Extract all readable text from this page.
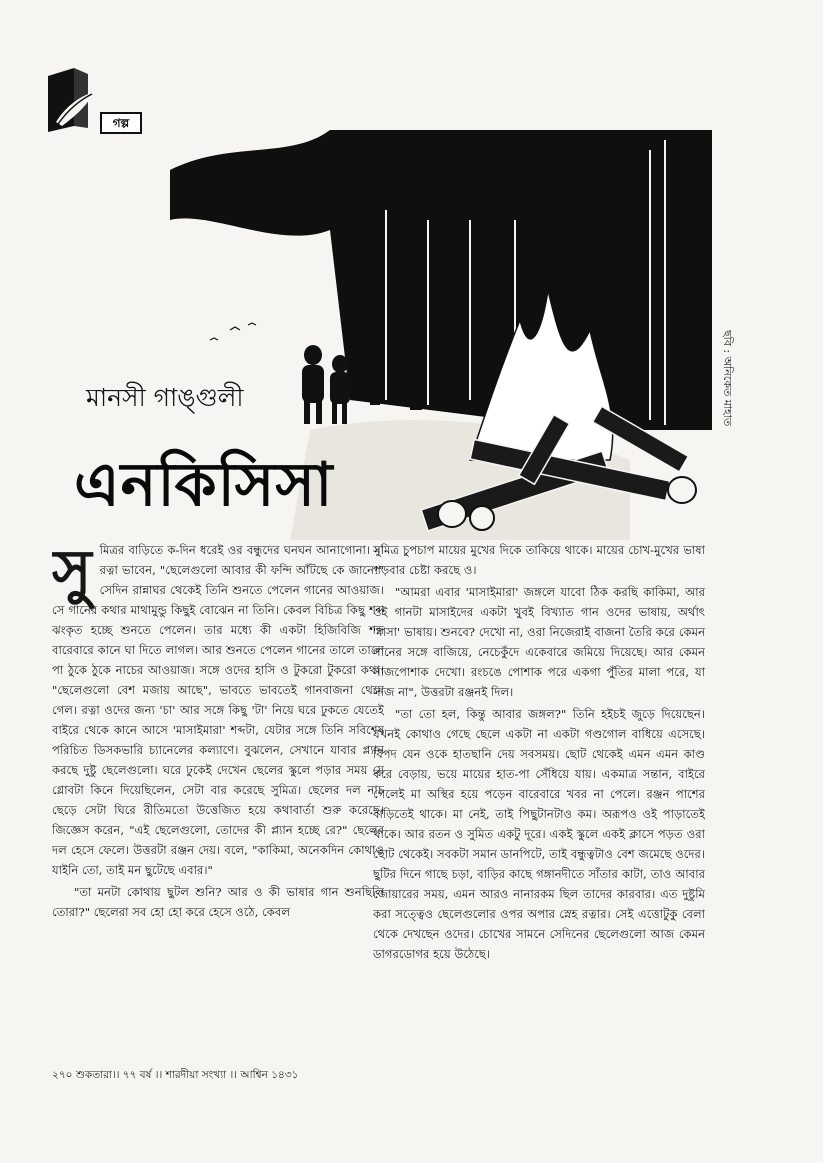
গল্প
ছবি : অনিকেত মাহাত
মানসী গাঙ্গুলী
এনকিসিসা

সুমিত্রর বাড়িতে ক-দিন ধরেই ওর বন্ধুদের ঘনঘন আনাগোনা। মা রত্না ভাবেন, "ছেলেগুলো আবার কী ফন্দি আঁটছে কে জানে!" সেদিন রান্নাঘর থেকেই তিনি শুনতে পেলেন গানের আওয়াজ। সে গানের কথার মাথামুন্ডু কিছুই বোঝেন না তিনি। কেবল বিচিত্র কিছু শব্দ ঝংকৃত হচ্ছে শুনতে পেলেন। তার মধ্যে কী একটা হিজিবিজি শব্দ বারেবারে কানে ঘা দিতে লাগল। আর শুনতে পেলেন গানের তালে তালে পা ঠুকে ঠুকে নাচের আওয়াজ। সঙ্গে ওদের হাসি ও টুকরো টুকরো কথা। "ছেলেগুলো বেশ মজায় আছে", ভাবতে ভাবতেই গানবাজনা থেমে গেল। রত্না ওদের জন্য 'চা' আর সঙ্গে কিছু 'টা' নিয়ে ঘরে ঢুকতে যেতেই বাইরে থেকে কানে আসে 'মাসাইমারা' শব্দটা, যেটার সঙ্গে তিনি সবিশেষ পরিচিত ডিসকভারি চ্যানেলের কল্যাণে। বুঝলেন, সেখানে যাবার প্ল্যান করছে দুষ্টু ছেলেগুলো। ঘরে ঢুকেই দেখেন ছেলের স্কুলে পড়ার সময় যে গ্লোবটা কিনে দিয়েছিলেন, সেটা বার করেছে সুমিত্র। ছেলের দল নাচ ছেড়ে সেটা ঘিরে রীতিমতো উত্তেজিত হয়ে কথাবার্তা শুরু করেছে। জিজ্ঞেস করেন, "এই ছেলেগুলো, তোদের কী প্ল্যান হচ্ছে রে?" ছেলের দল হেসে ফেলে। উত্তরটা রঞ্জন দেয়। বলে, "কাকিমা, অনেকদিন কোথাও যাইনি তো, তাই মন ছুটেছে এবার।"

"তা মনটা কোথায় ছুটল শুনি? আর ও কী ভাষার গান শুনছিলি তোরা?" ছেলেরা সব হো হো করে হেসে ওঠে, কেবল

সুমিত্র চুপচাপ মায়ের মুখের দিকে তাকিয়ে থাকে। মায়ের চোখ-মুখের ভাষা পড়বার চেষ্টা করছে ও।

"আমরা এবার 'মাসাইমারা' জঙ্গলে যাবো ঠিক করছি কাকিমা, আর ওই গানটা মাসাইদের একটা খুবই বিখ্যাত গান ওদের ভাষায়, অর্থাৎ 'মাসা' ভাষায়। শুনবে? দেখো না, ওরা নিজেরাই বাজনা তৈরি করে কেমন গানের সঙ্গে বাজিয়ে, নেচেকুঁদে একেবারে জমিয়ে দিয়েছে। আর কেমন সাজপোশাক দেখো। রংচঙে পোশাক পরে একগা পুঁতির মালা পরে, যা সাজ না", উত্তরটা রঞ্জনই দিল।

"তা তো হল, কিন্তু আবার জঙ্গল?" তিনি হইচই জুড়ে দিয়েছেন। যখনই কোথাও গেছে ছেলে একটা না একটা গণ্ডগোল বাধিয়ে এসেছে। বিপদ যেন ওকে হাতছানি দেয় সবসময়। ছোট থেকেই এমন এমন কাণ্ড করে বেড়ায়, ভয়ে মায়ের হাত-পা সেঁধিয়ে যায়। একমাত্র সন্তান, বাইরে গেলেই মা অস্থির হয়ে পড়েন বারেবারে খবর না পেলে। রঞ্জন পাশের বাড়িতেই থাকে। মা নেই, তাই পিছুটানটাও কম। অরূপও ওই পাড়াতেই থাকে। আর রতন ও সুমিত একটু দূরে। একই স্কুলে একই ক্লাসে পড়ত ওরা ছোট থেকেই। সবকটা সমান ডানপিটে, তাই বন্ধুত্বটাও বেশ জমেছে ওদের। ছুটির দিনে গাছে চড়া, বাড়ির কাছে গঙ্গানদীতে সাঁতার কাটা, তাও আবার জোয়ারের সময়, এমন আরও নানারকম ছিল তাদের কারবার। এত দুষ্টুমি করা সত্ত্বেও ছেলেগুলোর ওপর অপার স্নেহ রত্নার। সেই এত্তোটুকু বেলা থেকে দেখছেন ওদের। চোখের সামনে সেদিনের ছেলেগুলো আজ কেমন ডাগরডোগর হয়ে উঠেছে।

২৭০ শুকতারা।। ৭৭ বর্ষ ।। শারদীয়া সংখ্যা ।। আশ্বিন ১৪৩১
